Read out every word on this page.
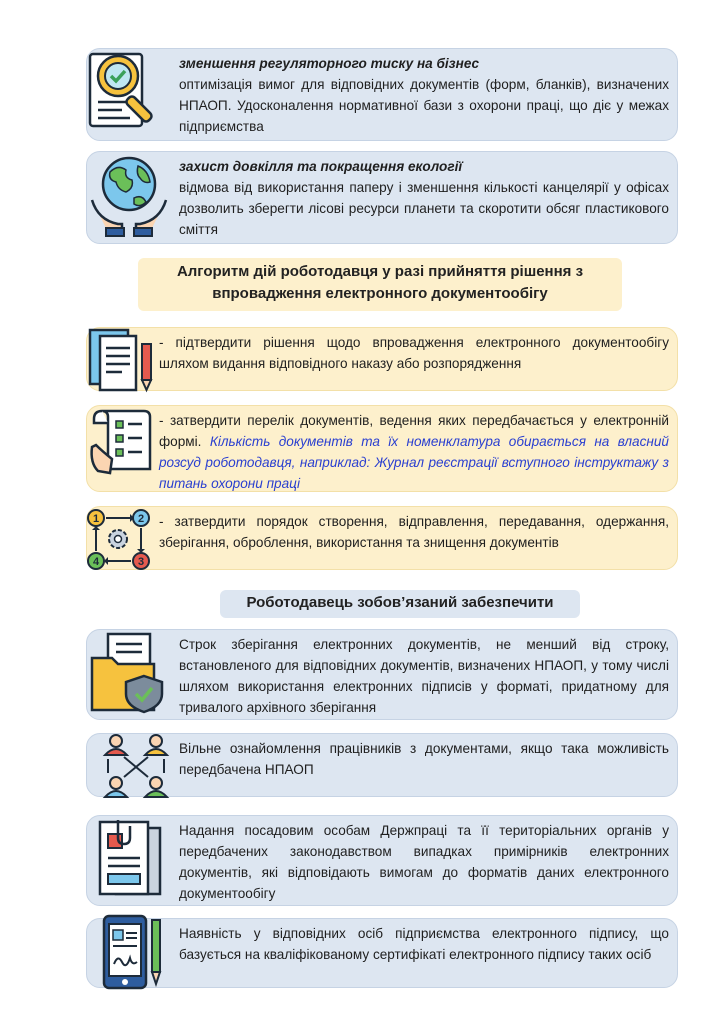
зменшення регуляторного тиску на бізнес
оптимізація вимог для відповідних документів (форм, бланків), визначених НПАОП. Удосконалення нормативної бази з охорони праці, що діє у межах підприємства
захист довкілля та покращення екології
відмова від використання паперу і зменшення кількості канцелярії у офісах дозволить зберегти лісові ресурси планети та скоротити обсяг пластикового сміття
Алгоритм дій роботодавця у разі прийняття рішення з
впровадження електронного документообігу
- підтвердити рішення щодо впровадження електронного документообігу шляхом видання відповідного наказу або розпорядження
- затвердити перелік документів, ведення яких передбачається у електронній формі. Кількість документів та їх номенклатура обирається на власний розсуд роботодавця, наприклад: Журнал реєстрації вступного інструктажу з питань охорони праці
- затвердити порядок створення, відправлення, передавання, одержання, зберігання, оброблення, використання та знищення документів
1	2
3
4
Роботодавець зобов’язаний забезпечити
Строк зберігання електронних документів, не менший від строку, встановленого для відповідних документів, визначених НПАОП, у тому числі шляхом використання електронних підписів у форматі, придатному для тривалого архівного зберігання
Вільне ознайомлення працівників з документами, якщо така можливість передбачена НПАОП
Надання посадовим особам Держпраці та її територіальних органів у передбачених законодавством випадках примірників електронних документів, які відповідають вимогам до форматів даних електронного документообігу
Наявність у відповідних осіб підприємства електронного підпису, що базується на кваліфікованому сертифікаті електронного підпису таких осіб
